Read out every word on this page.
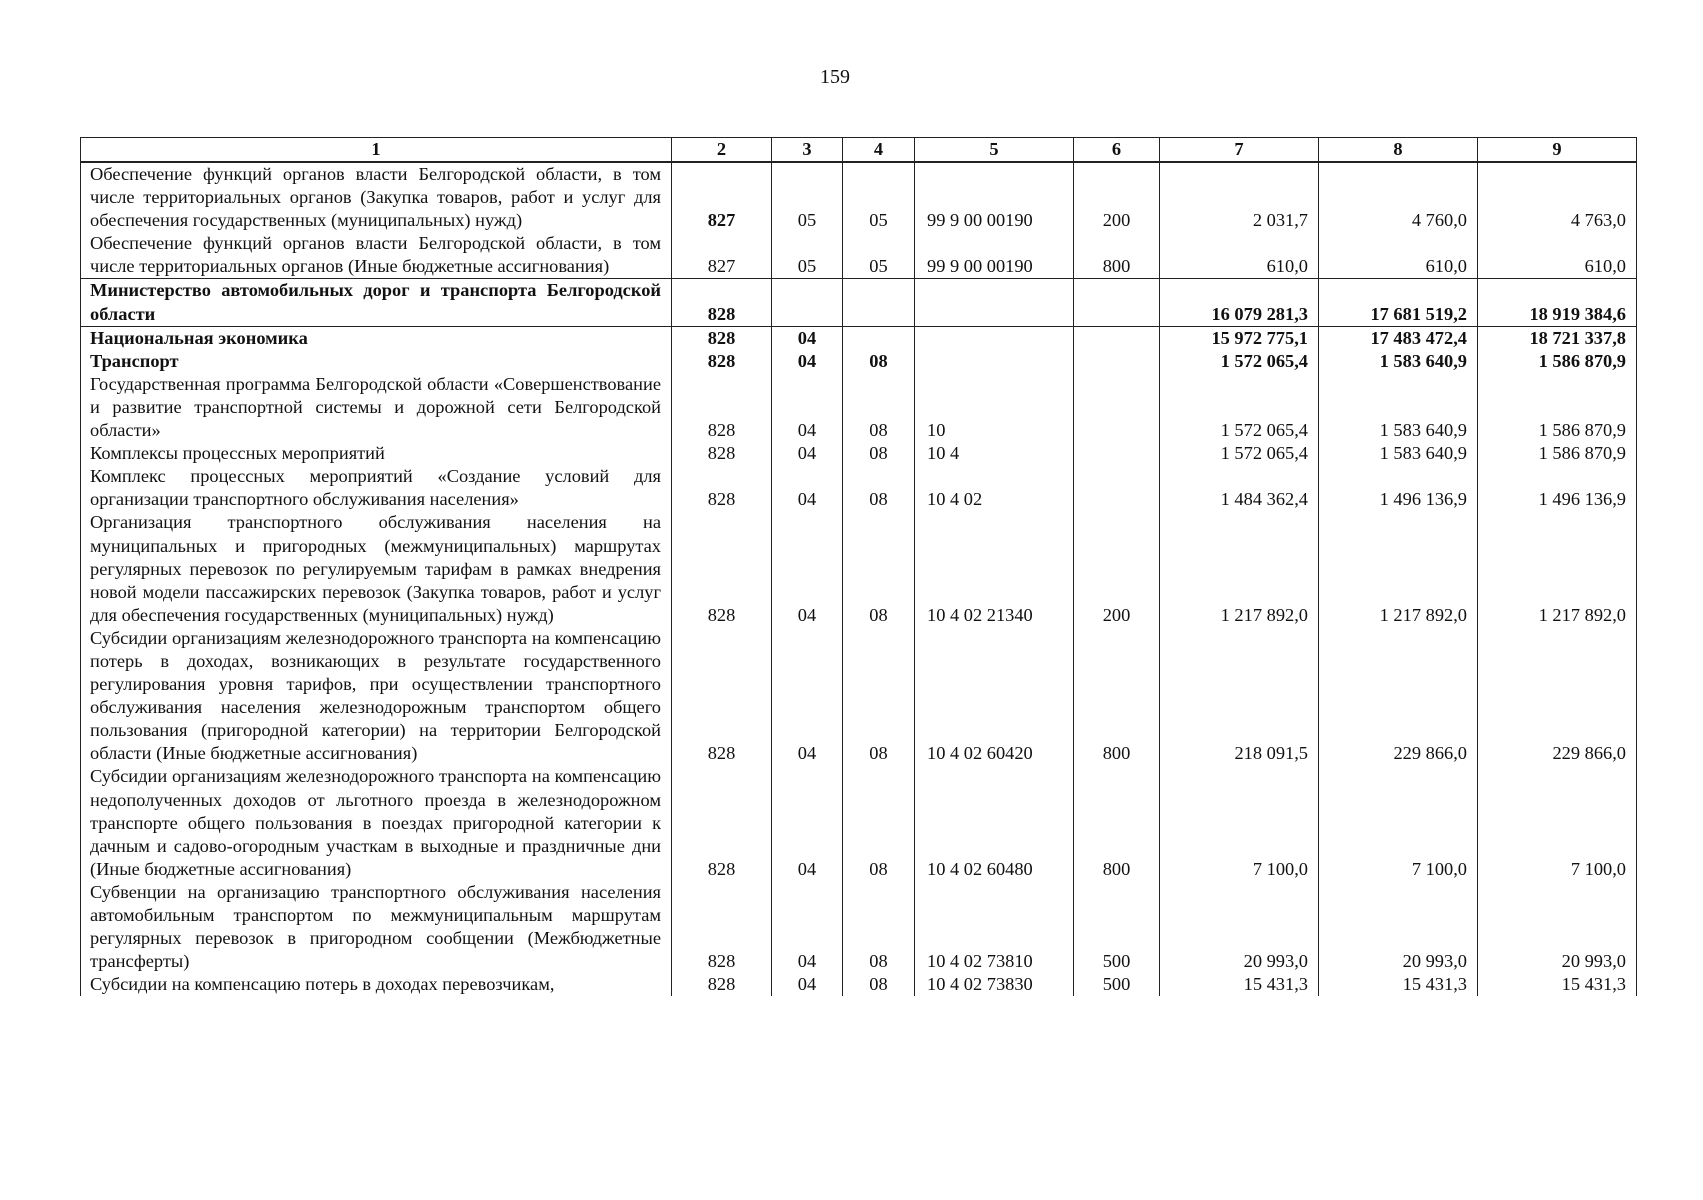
159
1	2	3	4	5	6	7	8	9
Обеспечение функций органов власти Белгородской области, в том числе территориальных органов (Закупка товаров, работ и услуг для обеспечения государственных (муниципальных) нужд)	827	05	05	99 9 00 00190	200	2 031,7	4 760,0	4 763,0
Обеспечение функций органов власти Белгородской области, в том числе территориальных органов (Иные бюджетные ассигнования)	827	05	05	99 9 00 00190	800	610,0	610,0	610,0
Министерство автомобильных дорог и транспорта Белгородской области	828					16 079 281,3	17 681 519,2	18 919 384,6
Национальная экономика	828	04				15 972 775,1	17 483 472,4	18 721 337,8
Транспорт	828	04	08			1 572 065,4	1 583 640,9	1 586 870,9
Государственная программа Белгородской области «Совершенствование и развитие транспортной системы и дорожной сети Белгородской области»	828	04	08	10		1 572 065,4	1 583 640,9	1 586 870,9
Комплексы процессных мероприятий	828	04	08	10 4		1 572 065,4	1 583 640,9	1 586 870,9
Комплекс процессных мероприятий «Создание условий для организации транспортного обслуживания населения»	828	04	08	10 4 02		1 484 362,4	1 496 136,9	1 496 136,9
Организация транспортного обслуживания населения на муниципальных и пригородных (межмуниципальных) маршрутах регулярных перевозок по регулируемым тарифам в рамках внедрения новой модели пассажирских перевозок (Закупка товаров, работ и услуг для обеспечения государственных (муниципальных) нужд)	828	04	08	10 4 02 21340	200	1 217 892,0	1 217 892,0	1 217 892,0
Субсидии организациям железнодорожного транспорта на компенсацию потерь в доходах, возникающих в результате государственного регулирования уровня тарифов, при осуществлении транспортного обслуживания населения железнодорожным транспортом общего пользования (пригородной категории) на территории Белгородской области (Иные бюджетные ассигнования)	828	04	08	10 4 02 60420	800	218 091,5	229 866,0	229 866,0
Субсидии организациям железнодорожного транспорта на компенсацию недополученных доходов от льготного проезда в железнодорожном транспорте общего пользования в поездах пригородной категории к дачным и садово-огородным участкам в выходные и праздничные дни (Иные бюджетные ассигнования)	828	04	08	10 4 02 60480	800	7 100,0	7 100,0	7 100,0
Субвенции на организацию транспортного обслуживания населения автомобильным транспортом по межмуниципальным маршрутам регулярных перевозок в пригородном сообщении (Межбюджетные трансферты)	828	04	08	10 4 02 73810	500	20 993,0	20 993,0	20 993,0
Субсидии на компенсацию потерь в доходах перевозчикам,	828	04	08	10 4 02 73830	500	15 431,3	15 431,3	15 431,3
